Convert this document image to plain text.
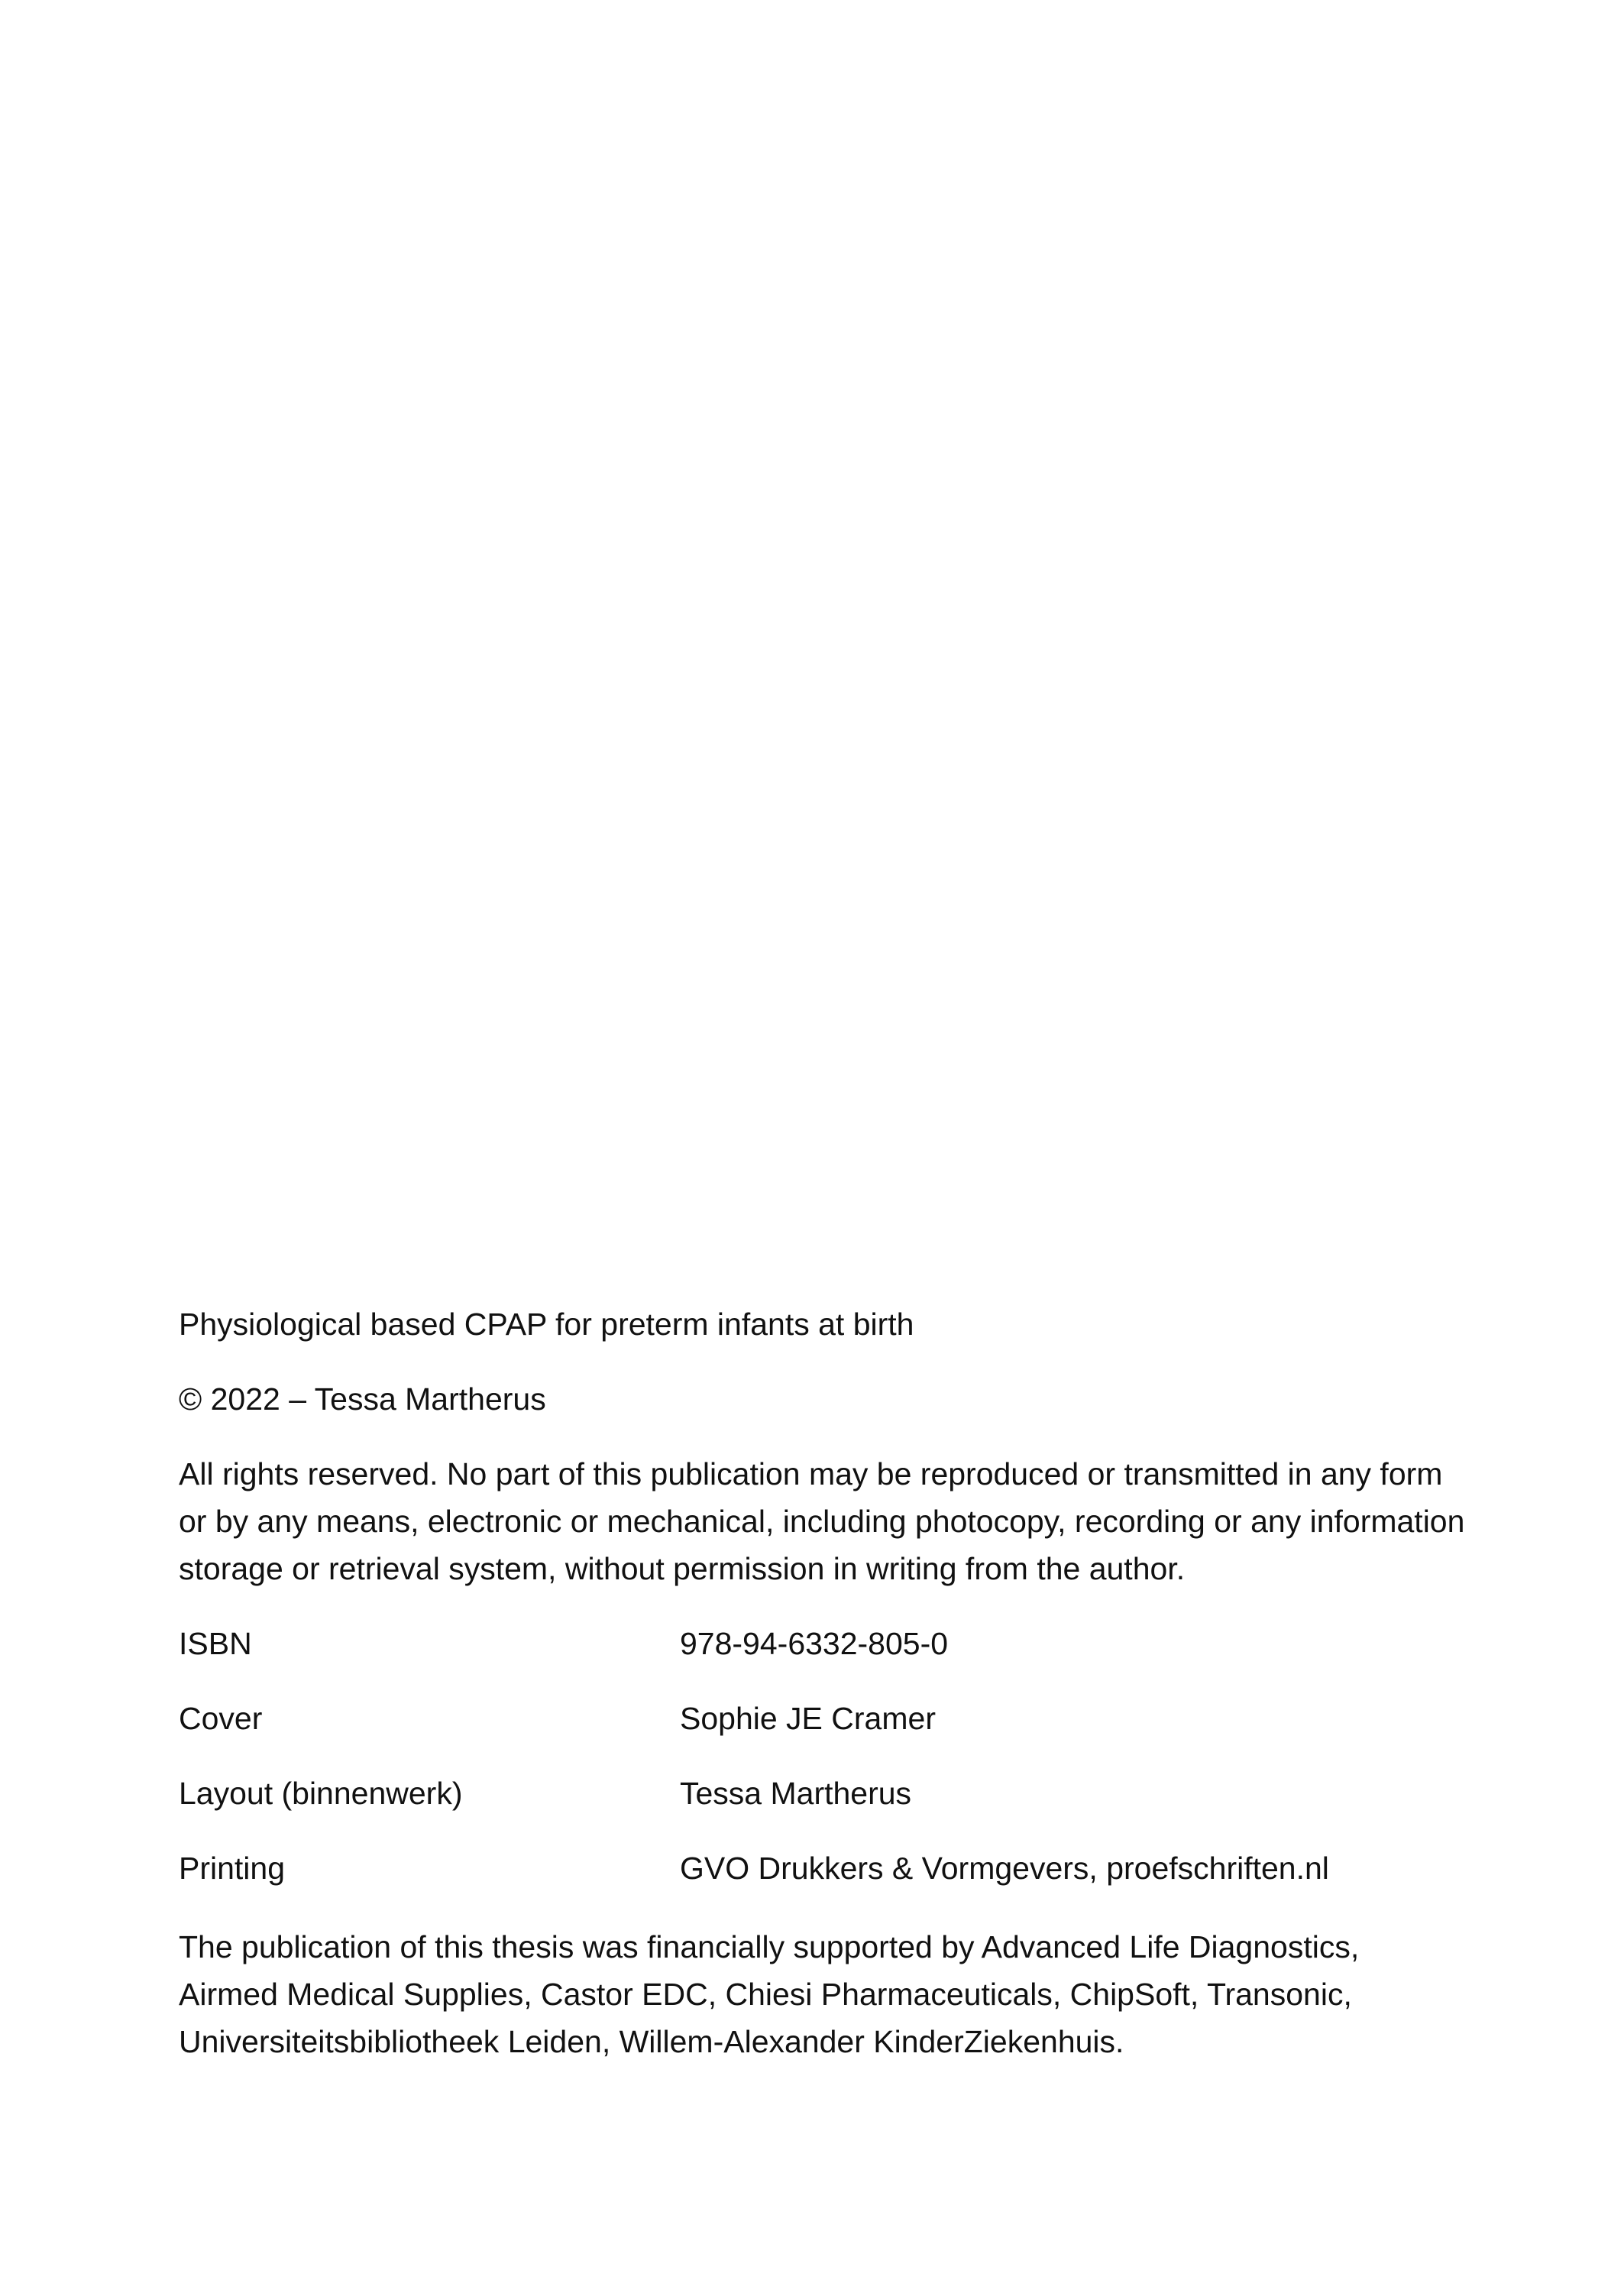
Physiological based CPAP for preterm infants at birth

© 2022 – Tessa Martherus

All rights reserved. No part of this publication may be reproduced or transmitted in any form
or by any means, electronic or mechanical, including photocopy, recording or any information
storage or retrieval system, without permission in writing from the author.

ISBN	978-94-6332-805-0
Cover	Sophie JE Cramer
Layout (binnenwerk)	Tessa Martherus
Printing	GVO Drukkers & Vormgevers, proefschriften.nl

The publication of this thesis was financially supported by Advanced Life Diagnostics,
Airmed Medical Supplies, Castor EDC, Chiesi Pharmaceuticals, ChipSoft, Transonic,
Universiteitsbibliotheek Leiden, Willem-Alexander KinderZiekenhuis.
